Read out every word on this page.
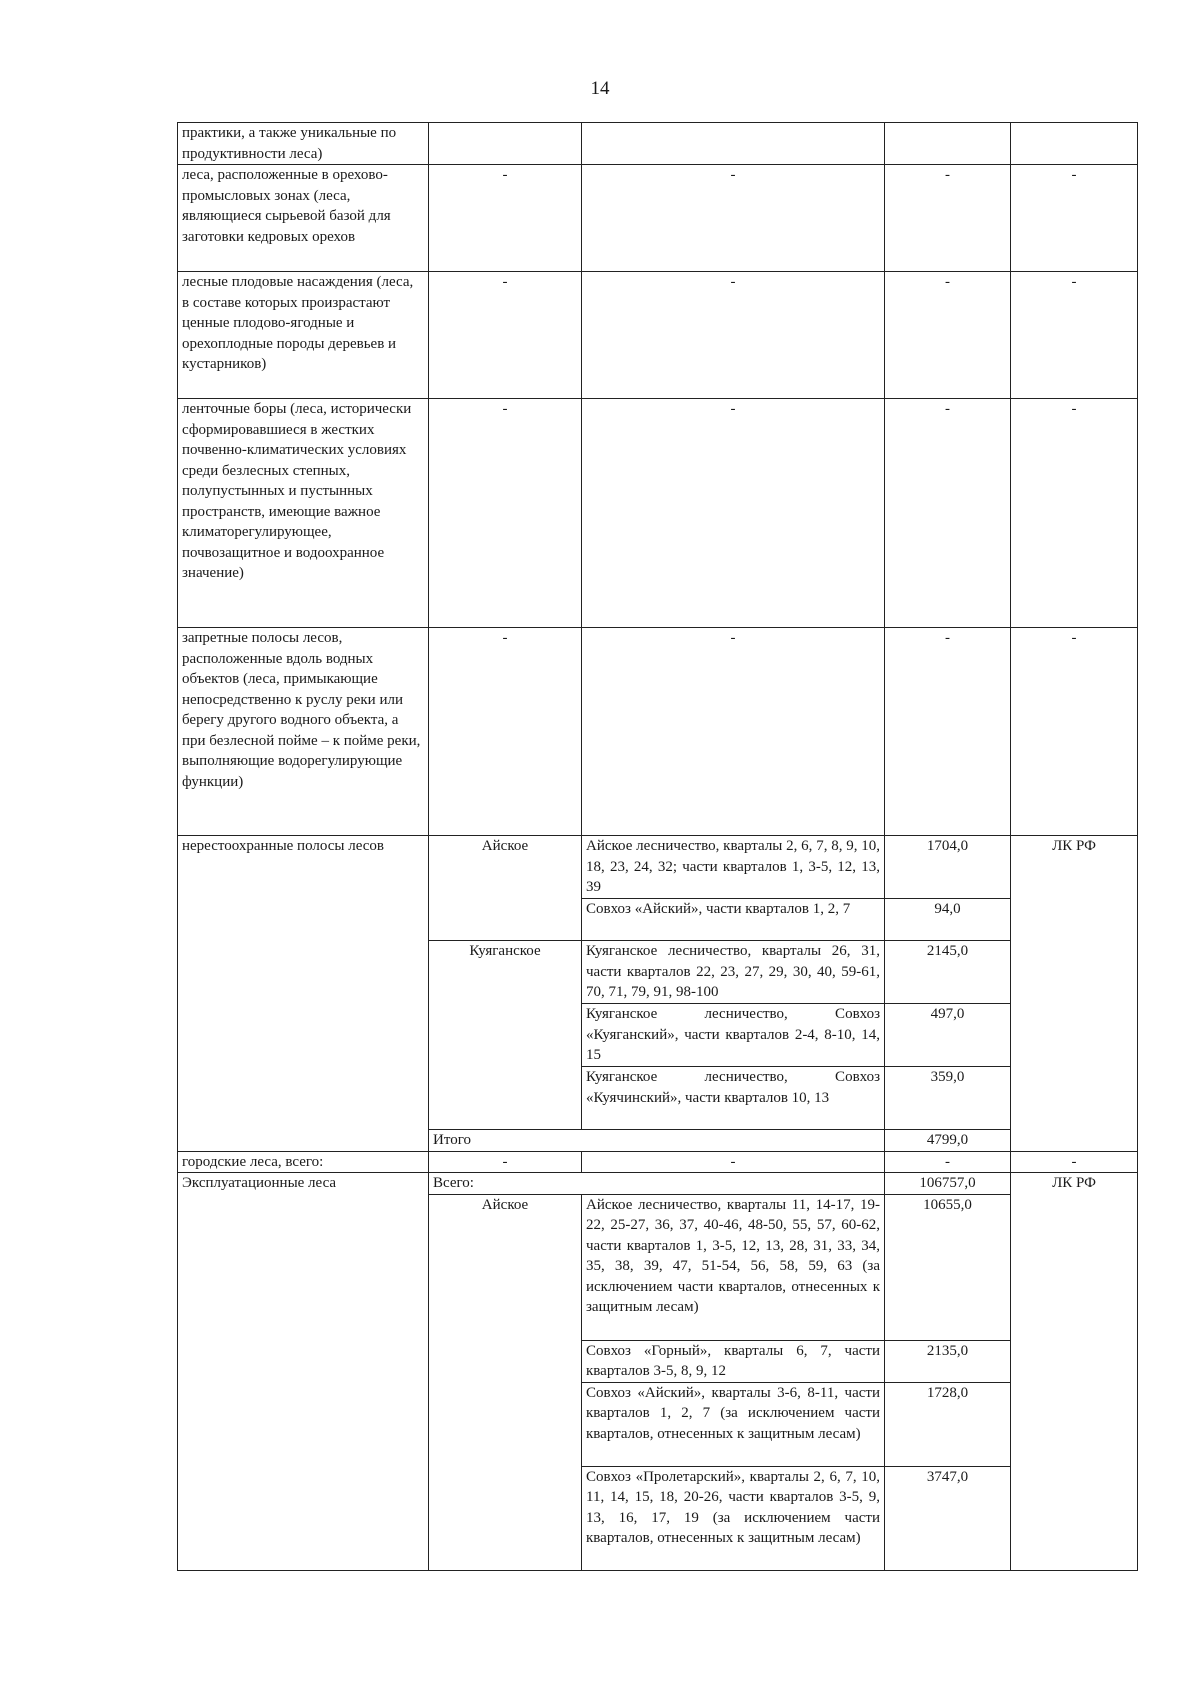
14
практики, а также уникальные по продуктивности леса)				
леса, расположенные в орехово-промысловых зонах (леса, являющиеся сырьевой базой для заготовки кедровых орехов	-	-	-	-
лесные плодовые насаждения (леса, в составе которых произрастают ценные плодово-ягодные и орехоплодные породы деревьев и кустарников)	-	-	-	-
ленточные боры (леса, исторически сформировавшиеся в жестких почвенно-климатических условиях среди безлесных степных, полупустынных и пустынных пространств, имеющие важное климаторегулирующее, почвозащитное и водоохранное значение)	-	-	-	-
запретные полосы лесов, расположенные вдоль водных объектов (леса, примыкающие непосредственно к руслу реки или берегу другого водного объекта, а при безлесной пойме – к пойме реки, выполняющие водорегулирующие функции)	-	-	-	-
нерестоохранные полосы лесов	Айское	Айское лесничество, кварталы 2, 6, 7, 8, 9, 10, 18, 23, 24, 32; части кварталов 1, 3-5, 12, 13, 39	1704,0	ЛК РФ
		Совхоз «Айский», части кварталов 1, 2, 7	94,0	
	Куяганское	Куяганское лесничество, кварталы 26, 31, части кварталов 22, 23, 27, 29, 30, 40, 59-61, 70, 71, 79, 91, 98-100	2145,0	
		Куяганское лесничество, Совхоз «Куяганский», части кварталов 2-4, 8-10, 14, 15	497,0	
		Куяганское лесничество, Совхоз «Куячинский», части кварталов 10, 13	359,0	
	Итого		4799,0	
городские леса, всего:	-	-	-	-
Эксплуатационные леса	Всего:		106757,0	ЛК РФ
	Айское	Айское лесничество, кварталы 11, 14-17, 19- 22, 25-27, 36, 37, 40-46, 48-50, 55, 57, 60-62, части кварталов 1, 3-5, 12, 13, 28, 31, 33, 34, 35, 38, 39, 47, 51-54, 56, 58, 59, 63 (за исключением части кварталов, отнесенных к защитным лесам)	10655,0	
		Совхоз «Горный», кварталы 6, 7, части кварталов 3-5, 8, 9, 12	2135,0	
		Совхоз «Айский», кварталы 3-6, 8-11, части кварталов 1, 2, 7 (за исключением части кварталов, отнесенных к защитным лесам)	1728,0	
		Совхоз «Пролетарский», кварталы 2, 6, 7, 10, 11, 14, 15, 18, 20-26, части кварталов 3-5, 9, 13, 16, 17, 19 (за исключением части кварталов, отнесенных к защитным лесам)	3747,0	
